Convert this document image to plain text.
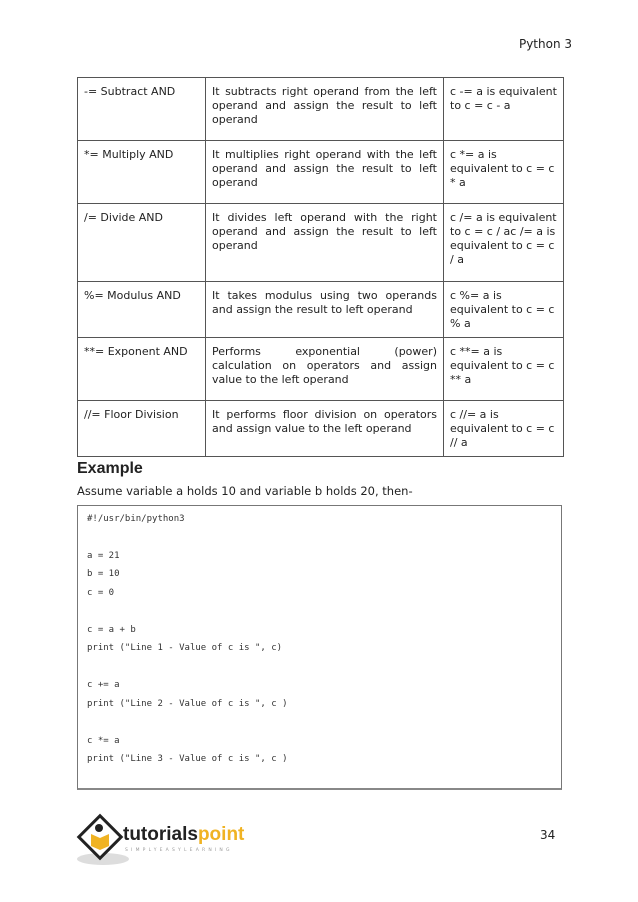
Python 3
-= Subtract AND	It subtracts right operand from the left operand and assign the result to left operand	c -= a is equivalent to c = c - a
*= Multiply AND	It multiplies right operand with the left operand and assign the result to left operand	c *= a is equivalent to c = c * a
/= Divide AND	It divides left operand with the right operand and assign the result to left operand	c /= a is equivalent to c = c / ac /= a is equivalent to c = c / a
%= Modulus AND	It takes modulus using two operands and assign the result to left operand	c %= a is equivalent to c = c % a
**= Exponent AND	Performs exponential (power) calculation on operators and assign value to the left operand	c **= a is equivalent to c = c ** a
//= Floor Division	It performs floor division on operators and assign value to the left operand	c //= a is equivalent to c = c // a
Example
Assume variable a holds 10 and variable b holds 20, then-
#!/usr/bin/python3
a = 21
b = 10
c = 0
c = a + b
print ("Line 1 - Value of c is ", c)
c += a
print ("Line 2 - Value of c is ", c )
c *= a
print ("Line 3 - Value of c is ", c )
34
tutorialspoint
SIMPLYEASYLEARNING
